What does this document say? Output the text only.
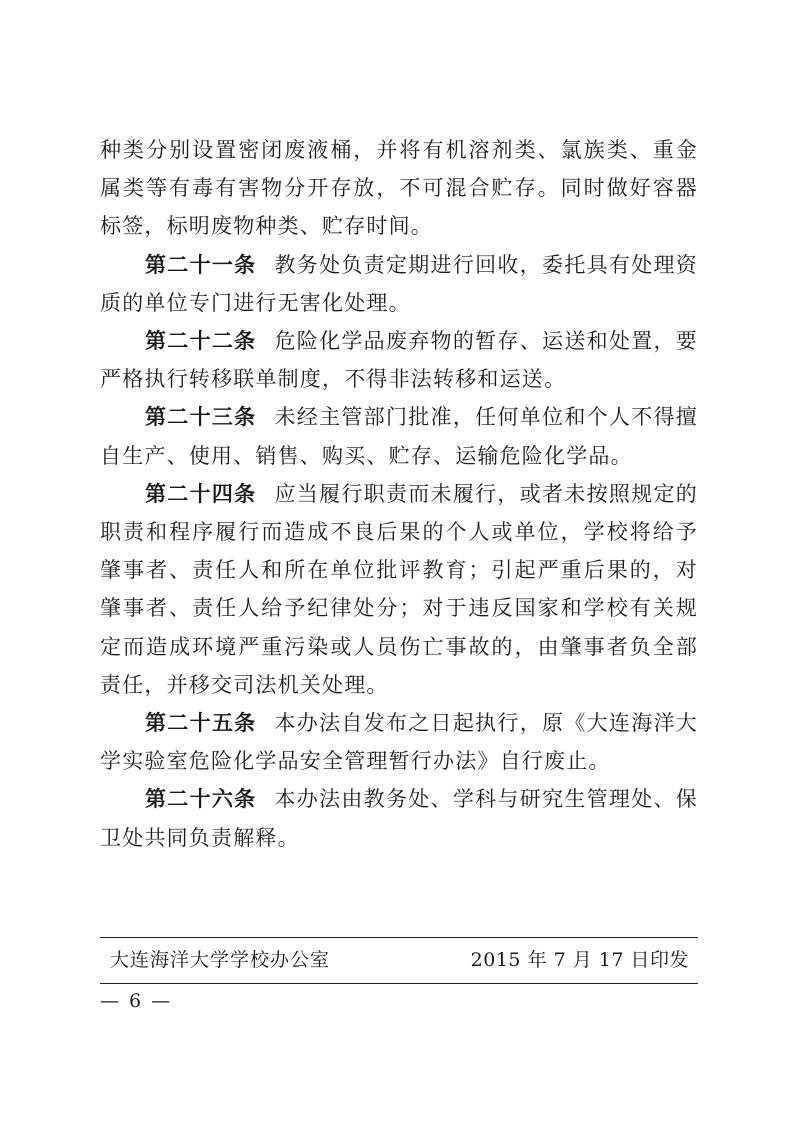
种类分别设置密闭废液桶，并将有机溶剂类、氯族类、重金属类等有毒有害物分开存放，不可混合贮存。同时做好容器标签，标明废物种类、贮存时间。

第二十一条 教务处负责定期进行回收，委托具有处理资质的单位专门进行无害化处理。

第二十二条 危险化学品废弃物的暂存、运送和处置，要严格执行转移联单制度，不得非法转移和运送。

第二十三条 未经主管部门批准，任何单位和个人不得擅自生产、使用、销售、购买、贮存、运输危险化学品。

第二十四条 应当履行职责而未履行，或者未按照规定的职责和程序履行而造成不良后果的个人或单位，学校将给予肇事者、责任人和所在单位批评教育；引起严重后果的，对肇事者、责任人给予纪律处分；对于违反国家和学校有关规定而造成环境严重污染或人员伤亡事故的，由肇事者负全部责任，并移交司法机关处理。

第二十五条 本办法自发布之日起执行，原《大连海洋大学实验室危险化学品安全管理暂行办法》自行废止。

第二十六条 本办法由教务处、学科与研究生管理处、保卫处共同负责解释。

大连海洋大学学校办公室	2015 年 7 月 17 日印发
— 6 —
